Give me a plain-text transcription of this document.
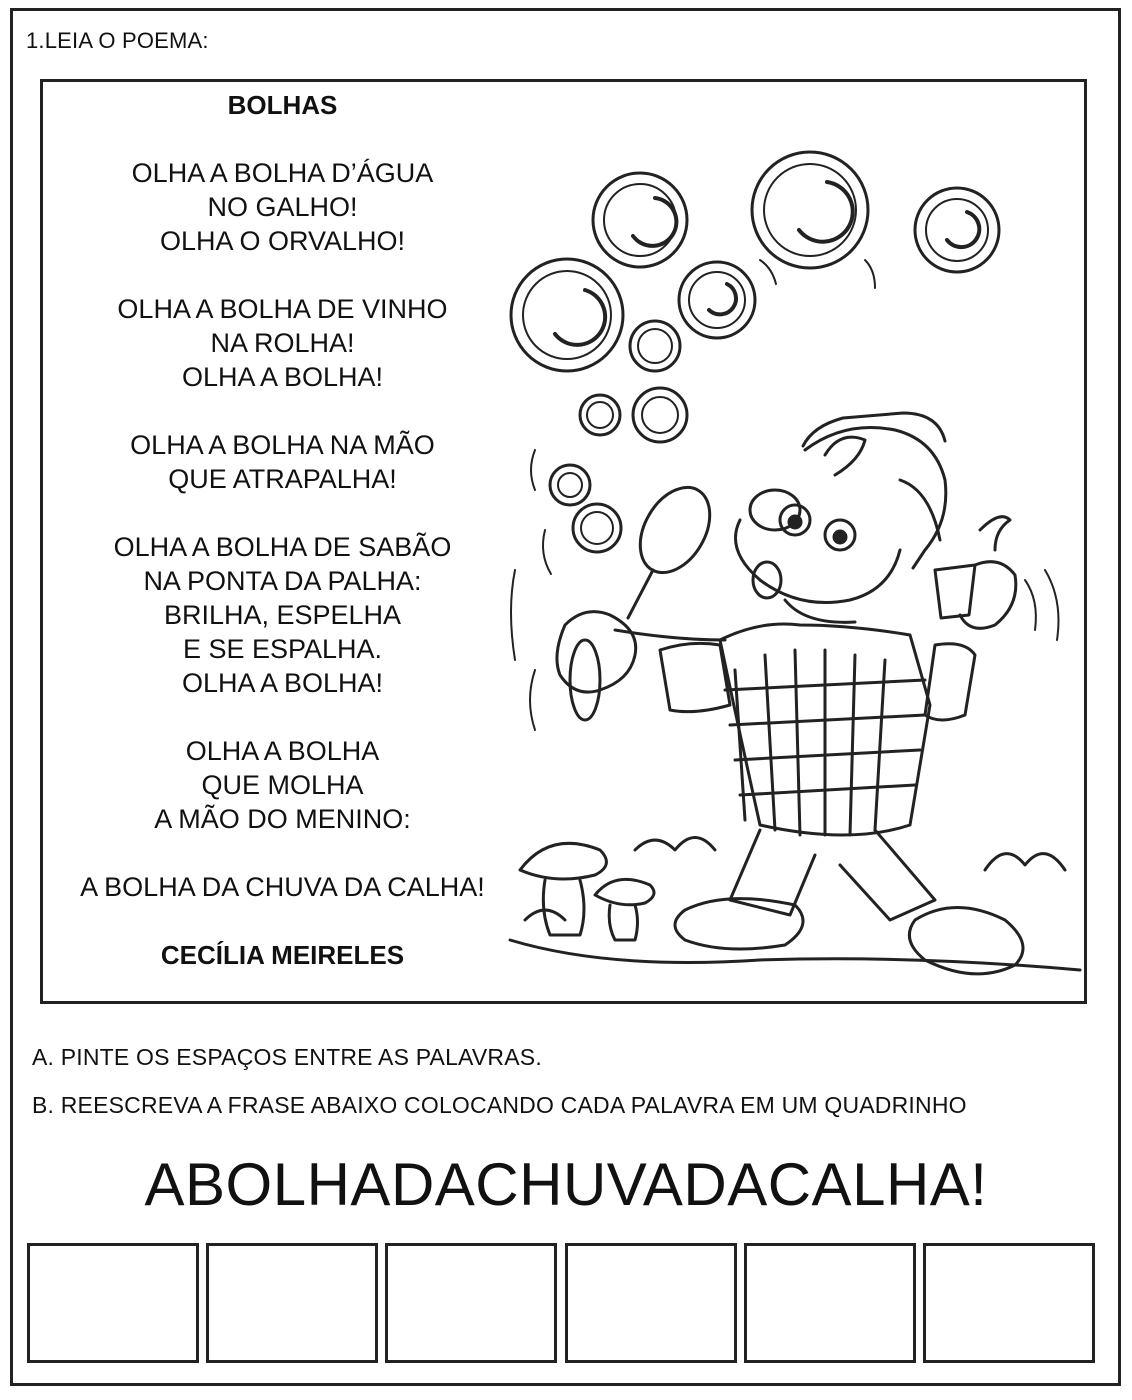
1.LEIA O POEMA:
BOLHAS
OLHA A BOLHA D’ÁGUA
NO GALHO!
OLHA O ORVALHO!
OLHA A BOLHA DE VINHO
NA ROLHA!
OLHA A BOLHA!
OLHA A BOLHA NA MÃO
QUE ATRAPALHA!
OLHA A BOLHA DE SABÃO
NA PONTA DA PALHA:
BRILHA, ESPELHA
E SE ESPALHA.
OLHA A BOLHA!
OLHA A BOLHA
QUE MOLHA
A MÃO DO MENINO:
A BOLHA DA CHUVA DA CALHA!
CECÍLIA MEIRELES
A. PINTE OS ESPAÇOS ENTRE AS PALAVRAS.
B. REESCREVA A FRASE ABAIXO COLOCANDO CADA PALAVRA EM UM QUADRINHO
ABOLHADACHUVADACALHA!
